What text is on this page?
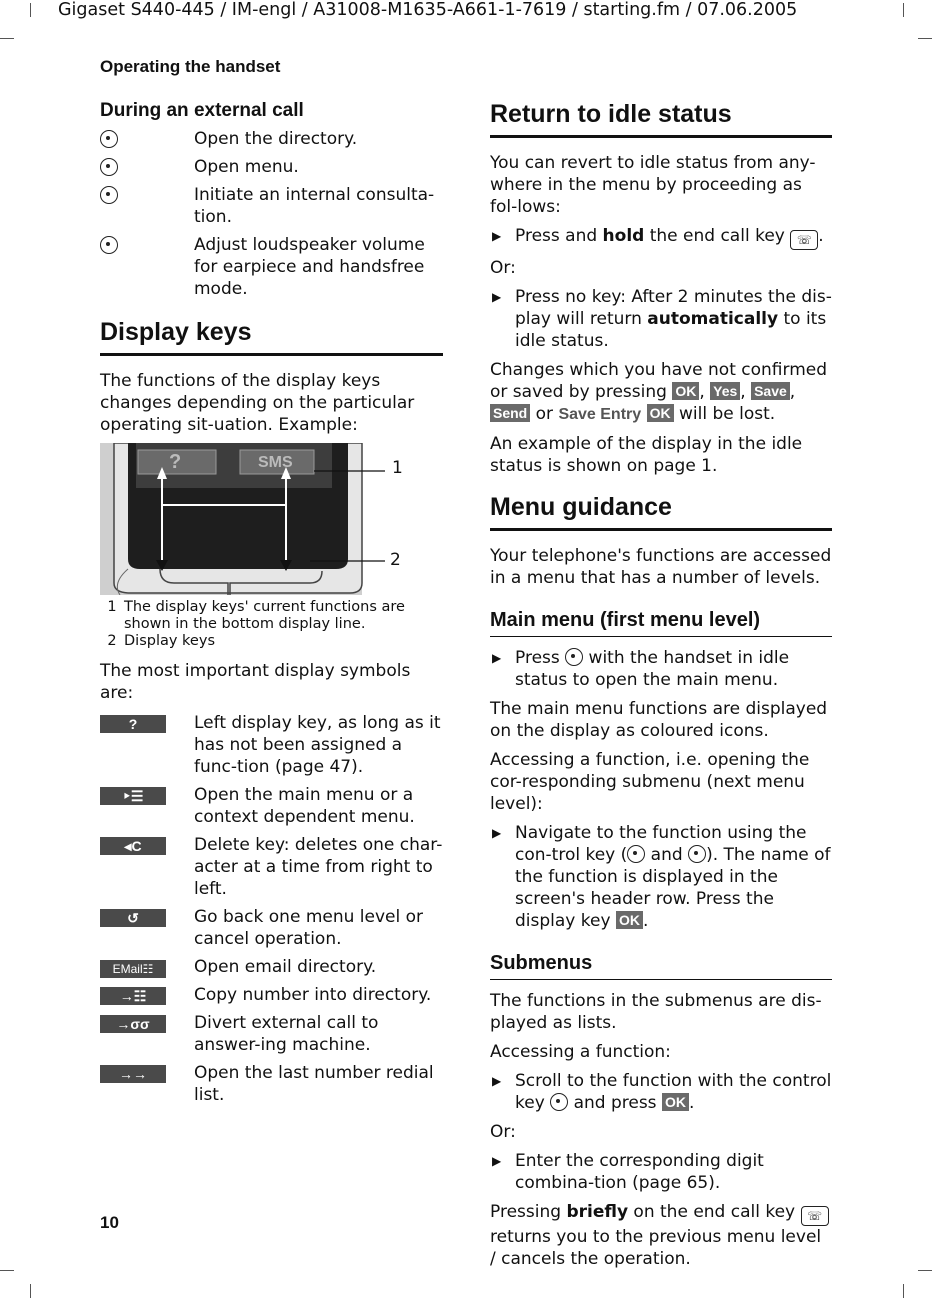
Gigaset S440-445 / IM-engl / A31008-M1635-A661-1-7619 / starting.fm / 07.06.2005
Operating the handset
10
During an external call
Open the directory.
Open menu.
Initiate an internal consulta-tion.
Adjust loudspeaker volume for earpiece and handsfree mode.
Display keys

The functions of the display keys changes depending on the particular operating sit-uation. Example:

?	SMS	1
2
1 The display keys' current functions are shown in the bottom display line.
2 Display keys

The most important display symbols are:

?	Left display key, as long as it has not been assigned a func-tion (page 47).
‣☰	Open the main menu or a context dependent menu.
◂C	Delete key: deletes one char-acter at a time from right to left.
↺	Go back one menu level or cancel operation.
EMail☷	Open email directory.
→☷	Copy number into directory.
→σσ	Divert external call to answer-ing machine.
→→	Open the last number redial list.
Return to idle status

You can revert to idle status from any-where in the menu by proceeding as fol-lows:

▶ Press and hold the end call key ☏ .

Or:

▶ Press no key: After 2 minutes the dis-play will return automatically to its idle status.

Changes which you have not confirmed or saved by pressing OK , Yes , Save , Send or Save Entry OK will be lost.

An example of the display in the idle status is shown on page 1.

Menu guidance

Your telephone's functions are accessed in a menu that has a number of levels.

Main menu (first menu level)
▶ Press  with the handset in idle status to open the main menu.

The main menu functions are displayed on the display as coloured icons.

Accessing a function, i.e. opening the cor-responding submenu (next menu level):

▶ Navigate to the function using the con-trol key ( and ). The name of the function is displayed in the screen's header row. Press the display key OK .
Submenus

The functions in the submenus are dis-played as lists.

Accessing a function:

▶ Scroll to the function with the control key  and press OK .

Or:

▶ Enter the corresponding digit combina-tion (page 65).

Pressing briefly on the end call key ☏ returns you to the previous menu level / cancels the operation.
